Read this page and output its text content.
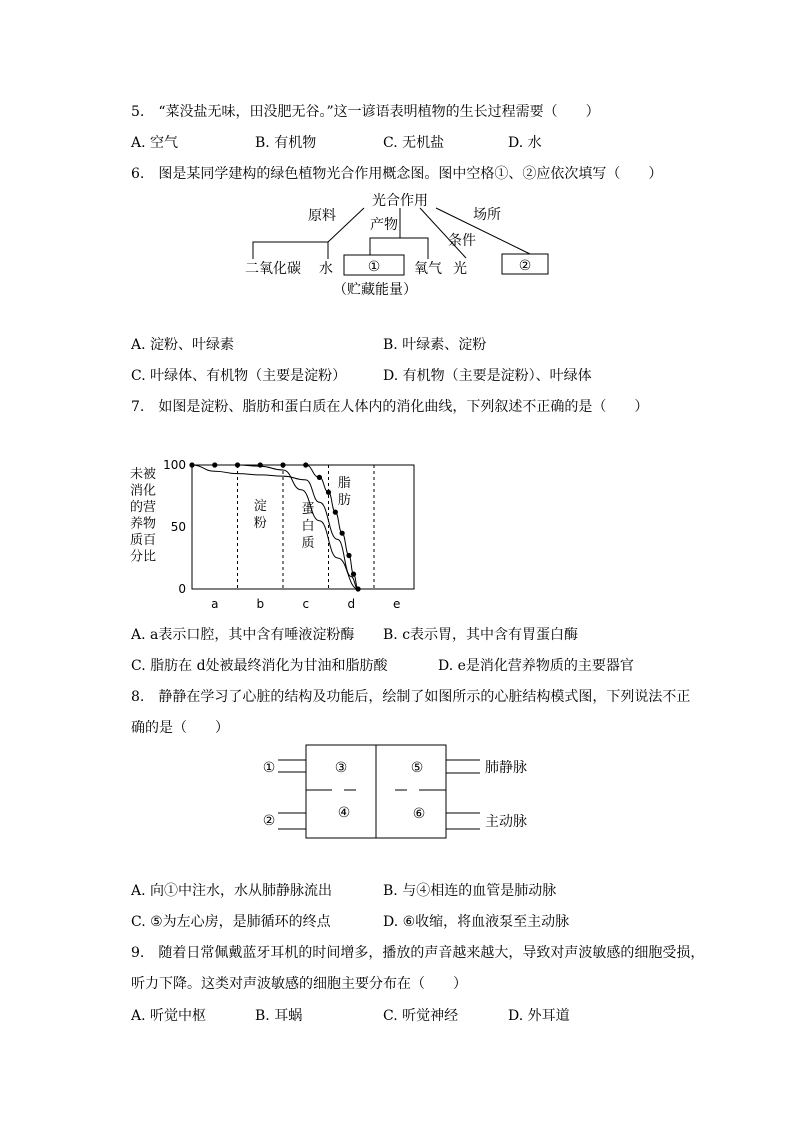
5.　“菜没盐无味，田没肥无谷。”这一谚语表明植物的生长过程需要（　　）
A. 空气	B. 有机物	C. 无机盐	D. 水
6.　图是某同学建构的绿色植物光合作用概念图。图中空格①、②应依次填写（　　）
光合作用
原料
产物
条件
场所
二氧化碳 水 ① 氧气 光	②
（贮藏能量）
A. 淀粉、叶绿素	B. 叶绿素、淀粉
C. 叶绿体、有机物（主要是淀粉）	D. 有机物（主要是淀粉）、叶绿体
7.　如图是淀粉、脂肪和蛋白质在人体内的消化曲线，下列叙述不正确的是（　　）
未被
消化
的营
养物
质百
分比
100
50
0
a	b	c	d	e
淀
粉
蛋
白
质
脂
肪
A. a表示口腔，其中含有唾液淀粉酶 B. c表示胃，其中含有胃蛋白酶
C. 脂肪在 d处被最终消化为甘油和脂肪酸	D. e是消化营养物质的主要器官
8.　静静在学习了心脏的结构及功能后，绘制了如图所示的心脏结构模式图，下列说法不正
确的是（　　）
①
②
③
④
⑤
⑥
肺静脉
主动脉
A. 向①中注水，水从肺静脉流出	B. 与④相连的血管是肺动脉
C. ⑤为左心房，是肺循环的终点	D. ⑥收缩，将血液泵至主动脉
9.　随着日常佩戴蓝牙耳机的时间增多，播放的声音越来越大，导致对声波敏感的细胞受损，
听力下降。这类对声波敏感的细胞主要分布在（　　）
A. 听觉中枢	B. 耳蜗	C. 听觉神经	D. 外耳道
